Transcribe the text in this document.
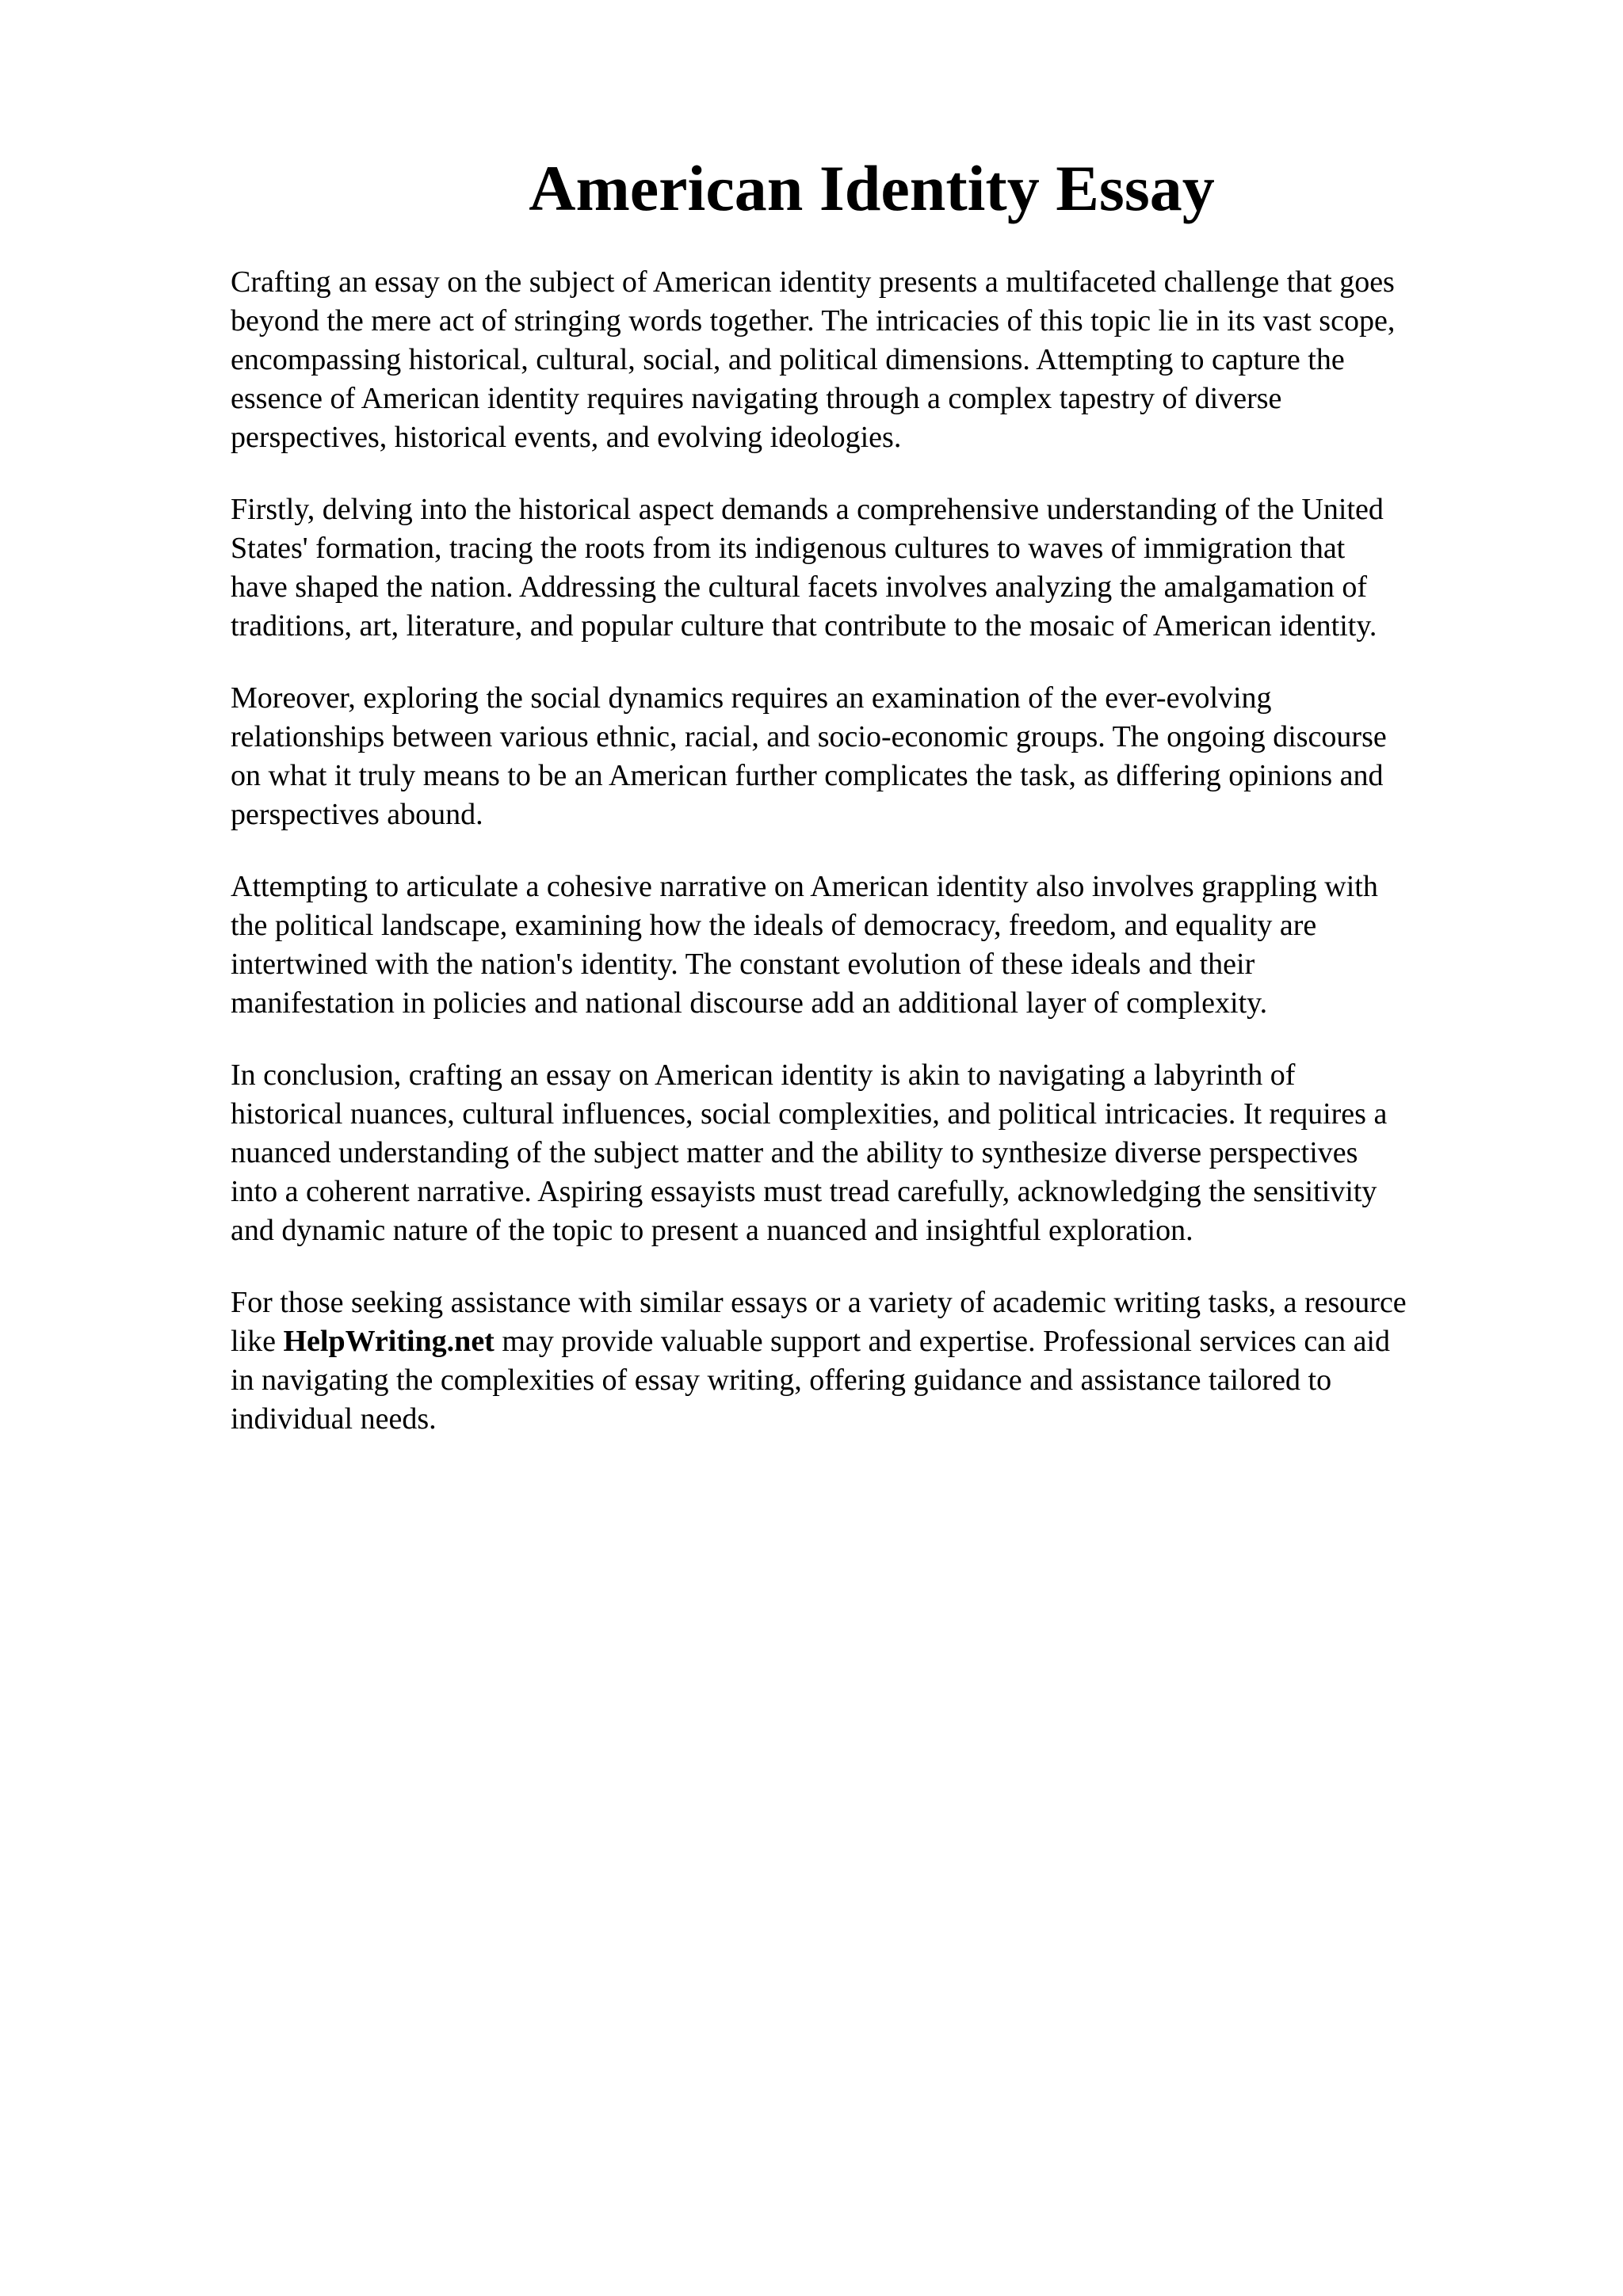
American Identity Essay

Crafting an essay on the subject of American identity presents a multifaceted challenge that goes
beyond the mere act of stringing words together. The intricacies of this topic lie in its vast scope,
encompassing historical, cultural, social, and political dimensions. Attempting to capture the
essence of American identity requires navigating through a complex tapestry of diverse
perspectives, historical events, and evolving ideologies.

Firstly, delving into the historical aspect demands a comprehensive understanding of the United
States' formation, tracing the roots from its indigenous cultures to waves of immigration that
have shaped the nation. Addressing the cultural facets involves analyzing the amalgamation of
traditions, art, literature, and popular culture that contribute to the mosaic of American identity.

Moreover, exploring the social dynamics requires an examination of the ever-evolving
relationships between various ethnic, racial, and socio-economic groups. The ongoing discourse
on what it truly means to be an American further complicates the task, as differing opinions and
perspectives abound.

Attempting to articulate a cohesive narrative on American identity also involves grappling with
the political landscape, examining how the ideals of democracy, freedom, and equality are
intertwined with the nation's identity. The constant evolution of these ideals and their
manifestation in policies and national discourse add an additional layer of complexity.

In conclusion, crafting an essay on American identity is akin to navigating a labyrinth of
historical nuances, cultural influences, social complexities, and political intricacies. It requires a
nuanced understanding of the subject matter and the ability to synthesize diverse perspectives
into a coherent narrative. Aspiring essayists must tread carefully, acknowledging the sensitivity
and dynamic nature of the topic to present a nuanced and insightful exploration.

For those seeking assistance with similar essays or a variety of academic writing tasks, a resource
like HelpWriting.net may provide valuable support and expertise. Professional services can aid
in navigating the complexities of essay writing, offering guidance and assistance tailored to
individual needs.
